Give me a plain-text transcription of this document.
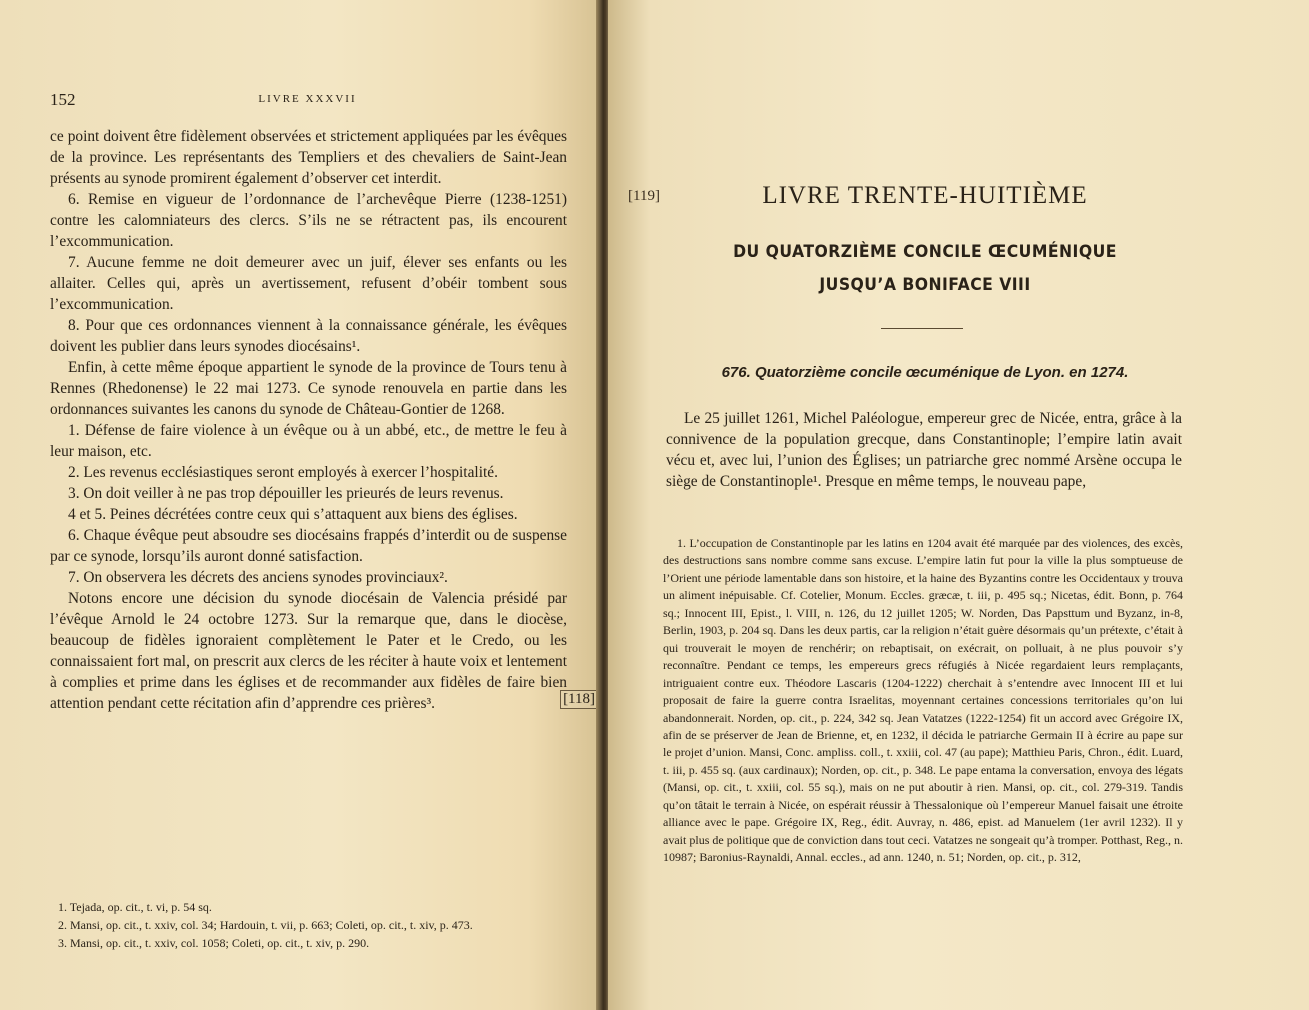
152	LIVRE XXXVII

ce point doivent être fidèlement observées et strictement appliquées par les évêques de la province. Les représentants des Templiers et des chevaliers de Saint-Jean présents au synode promirent également d’observer cet interdit.

6. Remise en vigueur de l’ordonnance de l’archevêque Pierre (1238-1251) contre les calomniateurs des clercs. S’ils ne se rétractent pas, ils encourent l’excommunication.

7. Aucune femme ne doit demeurer avec un juif, élever ses enfants ou les allaiter. Celles qui, après un avertissement, refusent d’obéir tombent sous l’excommunication.

8. Pour que ces ordonnances viennent à la connaissance générale, les évêques doivent les publier dans leurs synodes diocésains¹.

Enfin, à cette même époque appartient le synode de la province de Tours tenu à Rennes (Rhedonense) le 22 mai 1273. Ce synode renouvela en partie dans les ordonnances suivantes les canons du synode de Château-Gontier de 1268.

1. Défense de faire violence à un évêque ou à un abbé, etc., de mettre le feu à leur maison, etc.

2. Les revenus ecclésiastiques seront employés à exercer l’hospitalité.

3. On doit veiller à ne pas trop dépouiller les prieurés de leurs revenus.

4 et 5. Peines décrétées contre ceux qui s’attaquent aux biens des églises.

6. Chaque évêque peut absoudre ses diocésains frappés d’interdit ou de suspense par ce synode, lorsqu’ils auront donné satisfaction.

7. On observera les décrets des anciens synodes provinciaux².

Notons encore une décision du synode diocésain de Valencia présidé par l’évêque Arnold le 24 octobre 1273. Sur la remarque que, dans le diocèse, beaucoup de fidèles ignoraient complètement le Pater et le Credo, ou les connaissaient fort mal, on prescrit aux clercs de les réciter à haute voix et lentement à complies et prime dans les églises et de recommander aux fidèles de faire bien attention pendant cette récitation afin d’apprendre ces prières³.	[118]

1. Tejada, op. cit., t. vi, p. 54 sq.

2. Mansi, op. cit., t. xxiv, col. 34; Hardouin, t. vii, p. 663; Coleti, op. cit., t. xiv, p. 473.

3. Mansi, op. cit., t. xxiv, col. 1058; Coleti, op. cit., t. xiv, p. 290.

[119]	LIVRE TRENTE-HUITIÈME
DU QUATORZIÈME CONCILE ŒCUMÉNIQUE
JUSQU’A BONIFACE VIII
676. Quatorzième concile œcuménique de Lyon. en 1274.

Le 25 juillet 1261, Michel Paléologue, empereur grec de Nicée, entra, grâce à la connivence de la population grecque, dans Constantinople; l’empire latin avait vécu et, avec lui, l’union des Églises; un patriarche grec nommé Arsène occupa le siège de Constantinople¹. Presque en même temps, le nouveau pape,

1. L’occupation de Constantinople par les latins en 1204 avait été marquée par des violences, des excès, des destructions sans nombre comme sans excuse. L’empire latin fut pour la ville la plus somptueuse de l’Orient une période lamentable dans son histoire, et la haine des Byzantins contre les Occidentaux y trouva un aliment inépuisable. Cf. Cotelier, Monum. Eccles. græcæ, t. iii, p. 495 sq.; Nicetas, édit. Bonn, p. 764 sq.; Innocent III, Epist., l. VIII, n. 126, du 12 juillet 1205; W. Norden, Das Papsttum und Byzanz, in-8, Berlin, 1903, p. 204 sq. Dans les deux partis, car la religion n’était guère désormais qu’un prétexte, c’était à qui trouverait le moyen de renchérir; on rebaptisait, on exécrait, on polluait, à ne plus pouvoir s’y reconnaître. Pendant ce temps, les empereurs grecs réfugiés à Nicée regardaient leurs remplaçants, intriguaient contre eux. Théodore Lascaris (1204-1222) cherchait à s’entendre avec Innocent III et lui proposait de faire la guerre contra Israelitas, moyennant certaines concessions territoriales qu’on lui abandonnerait. Norden, op. cit., p. 224, 342 sq. Jean Vatatzes (1222-1254) fit un accord avec Grégoire IX, afin de se préserver de Jean de Brienne, et, en 1232, il décida le patriarche Germain II à écrire au pape sur le projet d’union. Mansi, Conc. ampliss. coll., t. xxiii, col. 47 (au pape); Matthieu Paris, Chron., édit. Luard, t. iii, p. 455 sq. (aux cardinaux); Norden, op. cit., p. 348. Le pape entama la conversation, envoya des légats (Mansi, op. cit., t. xxiii, col. 55 sq.), mais on ne put aboutir à rien. Mansi, op. cit., col. 279-319. Tandis qu’on tâtait le terrain à Nicée, on espérait réussir à Thessalonique où l’empereur Manuel faisait une étroite alliance avec le pape. Grégoire IX, Reg., édit. Auvray, n. 486, epist. ad Manuelem (1er avril 1232). Il y avait plus de politique que de conviction dans tout ceci. Vatatzes ne songeait qu’à tromper. Potthast, Reg., n. 10987; Baronius-Raynaldi, Annal. eccles., ad ann. 1240, n. 51; Norden, op. cit., p. 312,
